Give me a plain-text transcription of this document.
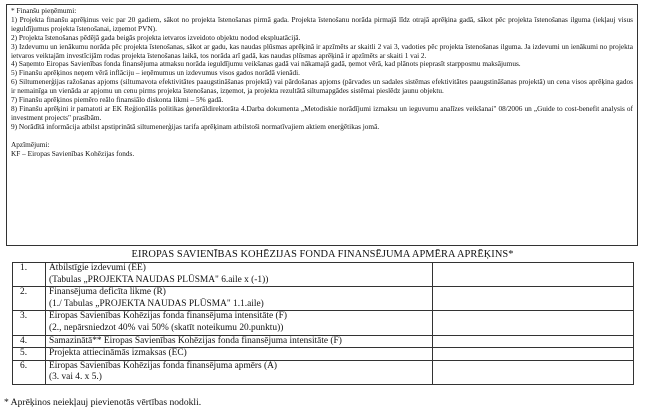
* Finanšu pieņēmumi:

1) Projekta finanšu aprēķinus veic par 20 gadiem, sākot no projekta īstenošanas pirmā gada. Projekta īstenošanu norāda pirmajā līdz otrajā aprēķina gadā, sākot pēc projekta īstenošanas ilguma (iekļauj visus ieguldījumus projekta īstenošanai, izņemot PVN).

2) Projekta īstenošanas pēdējā gada beigās projekta ietvaros izveidoto objektu nodod ekspluatācijā.

3) Izdevumu un ienākumu norāda pēc projekta īstenošanas, sākot ar gadu, kas naudas plūsmas aprēķinā ir apzīmēts ar skaitli 2 vai 3, vadoties pēc projekta īstenošanas ilguma. Ja izdevumi un ienākumi no projekta ietvaros veiktajām investīcijām rodas projekta īstenošanas laikā, tos norāda arī gadā, kas naudas plūsmas aprēķinā ir apzīmēts ar skaiti 1 vai 2.

4) Saņemto Eiropas Savienības fonda finansējuma atmaksu norāda ieguldījumu veikšanas gadā vai nākamajā gadā, ņemot vērā, kad plānots pieprasīt starpposmu maksājumus.

5) Finanšu aprēķinos neņem vērā inflāciju – ieņēmumus un izdevumus visos gados norādā vienādi.

6) Siltumenerģijas ražošanas apjoms (siltumavota efektivitātes paaugstināšanas projektā) vai pārdošanas apjoms (pārvades un sadales sistēmas efektivitātes paaugstināšanas projektā) un cena visos aprēķina gados ir nemainīga un vienāda ar apjomu un cenu pirms projekta īstenošanas, izņemot, ja projekta rezultātā siltumapgādes sistēmai pieslēdz jaunu objektu.

7) Finanšu aprēķinos piemēro reālo finansiālo diskonta likmi – 5% gadā.

8) Finanšu aprēķini ir pamatoti ar EK Reģionālās politikas ģenerāldirektorāta 4.Darba dokumenta „Metodiskie norādījumi izmaksu un ieguvumu analīzes veikšanai" 08/2006 un „Guide to cost-benefit analysis of investment projects" prasībām.

9) Norādītā informācija atbilst apstiprinātā siltumenerģijas tarifa aprēķinam atbilstoši normatīvajiem aktiem enerģētikas jomā.

Apzīmējumi:

KF – Eiropas Savienības Kohēzijas fonds.

EIROPAS SAVIENĪBAS KOHĒZIJAS FONDA FINANSĒJUMA APMĒRA APRĒĶINS*
1.	Atbilstīgie izdevumi (EE)
(Tabulas „PROJEKTA NAUDAS PLŪSMA" 6.aile x (-1))	

2.	Finansējuma deficīta likme (R)
(1./ Tabulas „PROJEKTA NAUDAS PLŪSMA" 1.1.aile)	

3.	Eiropas Savienības Kohēzijas fonda finansējuma intensitāte (F)
(2., nepārsniedzot 40% vai 50% (skatīt noteikumu 20.punktu))	

4.	Samazinātā** Eiropas Savienības Kohēzijas fonda finansējuma intensitāte (F)	

5.	Projekta attiecināmās izmaksas (EC)	

6.	Eiropas Savienības Kohēzijas fonda finansējuma apmērs (A)
(3. vai 4. x 5.)	

* Aprēķinos neiekļauj pievienotās vērtības nodokli.
